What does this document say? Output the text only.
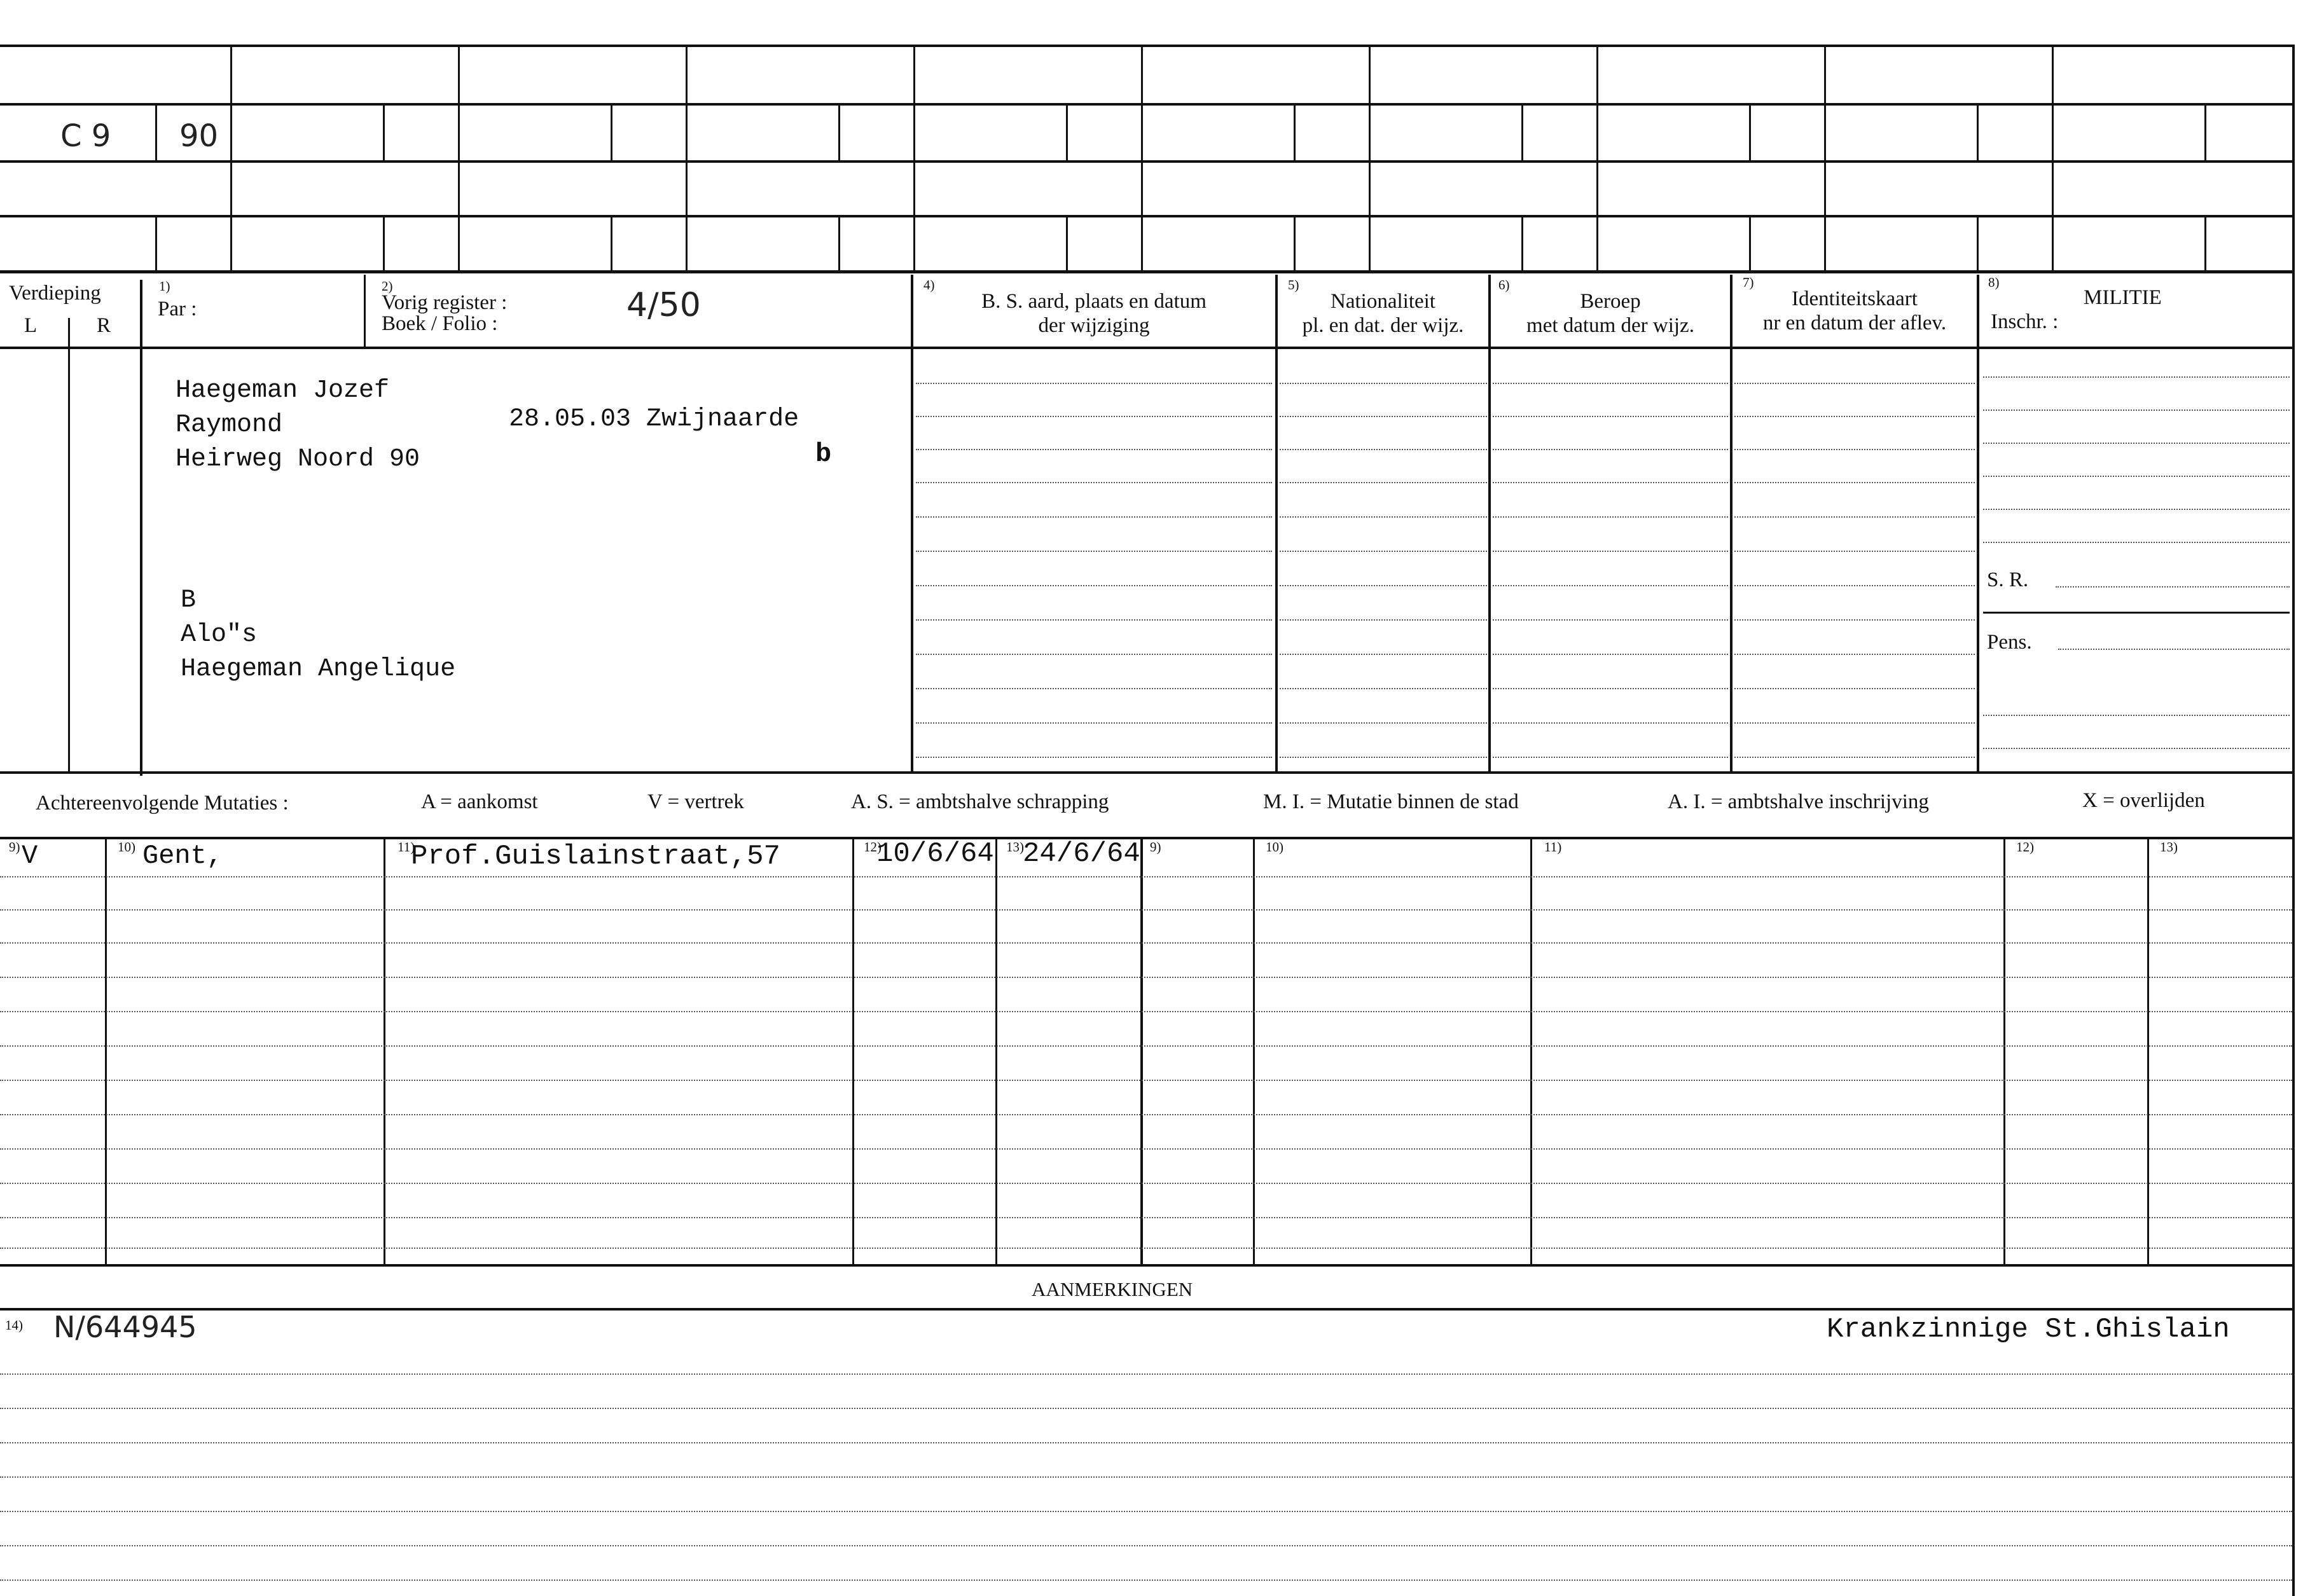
C 9 90
Verdieping
L	R
1)
Par :
2)
Vorig register :
Boek / Folio :	4/50
4)
B. S. aard, plaats en datum
der wijziging
5)
Nationaliteit
pl. en dat. der wijz.
6)
Beroep
met datum der wijz.
7)
Identiteitskaart
nr en datum der aflev.
8)
MILITIE
Inschr. :
Haegeman Jozef
Raymond
Heirweg Noord 90
28.05.03 Zwijnaarde
b
B
Alo"s
Haegeman Angelique
S. R.
Pens.
Achtereenvolgende Mutaties :	A = aankomst	V = vertrek	A. S. = ambtshalve schrapping	M. I. = Mutatie binnen de stad	A. I. = ambtshalve inschrijving	X = overlijden
9)	10)	11)	12)	13)	9)	10)	11)	12)	13)
V	Gent,	Prof.Guislainstraat,57	10/6/64 24/6/64
AANMERKINGEN
14) N/644945	Krankzinnige St.Ghislain
